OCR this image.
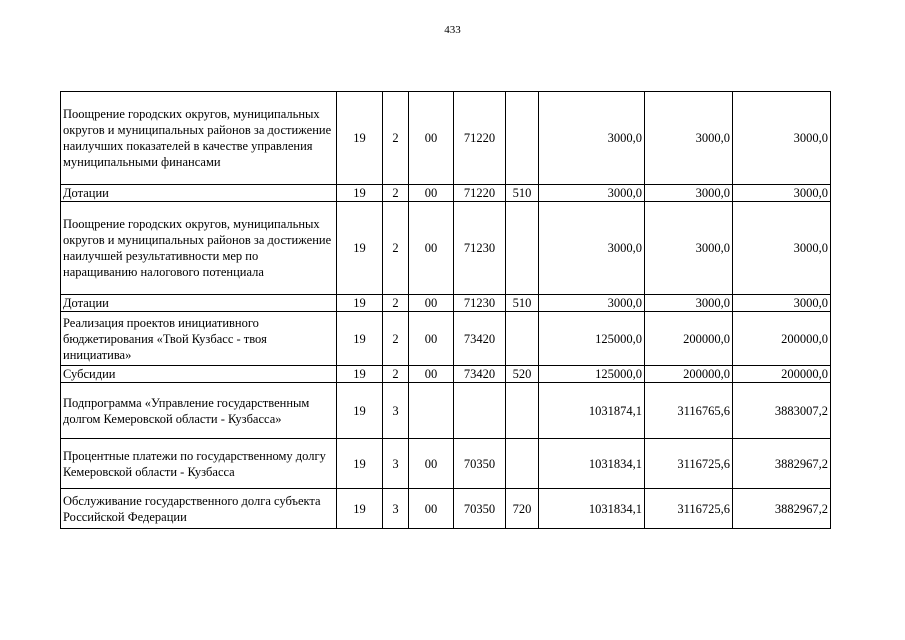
433
Поощрение городских округов, муниципальных округов и муниципальных районов за достижение наилучших показателей в качестве управления муниципальными финансами	19	2	00	71220		3000,0	3000,0	3000,0
Дотации	19	2	00	71220	510	3000,0	3000,0	3000,0
Поощрение городских округов, муниципальных округов и муниципальных районов за достижение наилучшей результативности мер по наращиванию налогового потенциала	19	2	00	71230		3000,0	3000,0	3000,0
Дотации	19	2	00	71230	510	3000,0	3000,0	3000,0
Реализация проектов инициативного бюджетирования «Твой Кузбасс - твоя инициатива»	19	2	00	73420		125000,0	200000,0	200000,0
Субсидии	19	2	00	73420	520	125000,0	200000,0	200000,0
Подпрограмма «Управление государственным долгом Кемеровской области - Кузбасса»	19	3				1031874,1	3116765,6	3883007,2
Процентные платежи по государственному долгу Кемеровской области - Кузбасса	19	3	00	70350		1031834,1	3116725,6	3882967,2
Обслуживание государственного долга субъекта Российской Федерации	19	3	00	70350	720	1031834,1	3116725,6	3882967,2
